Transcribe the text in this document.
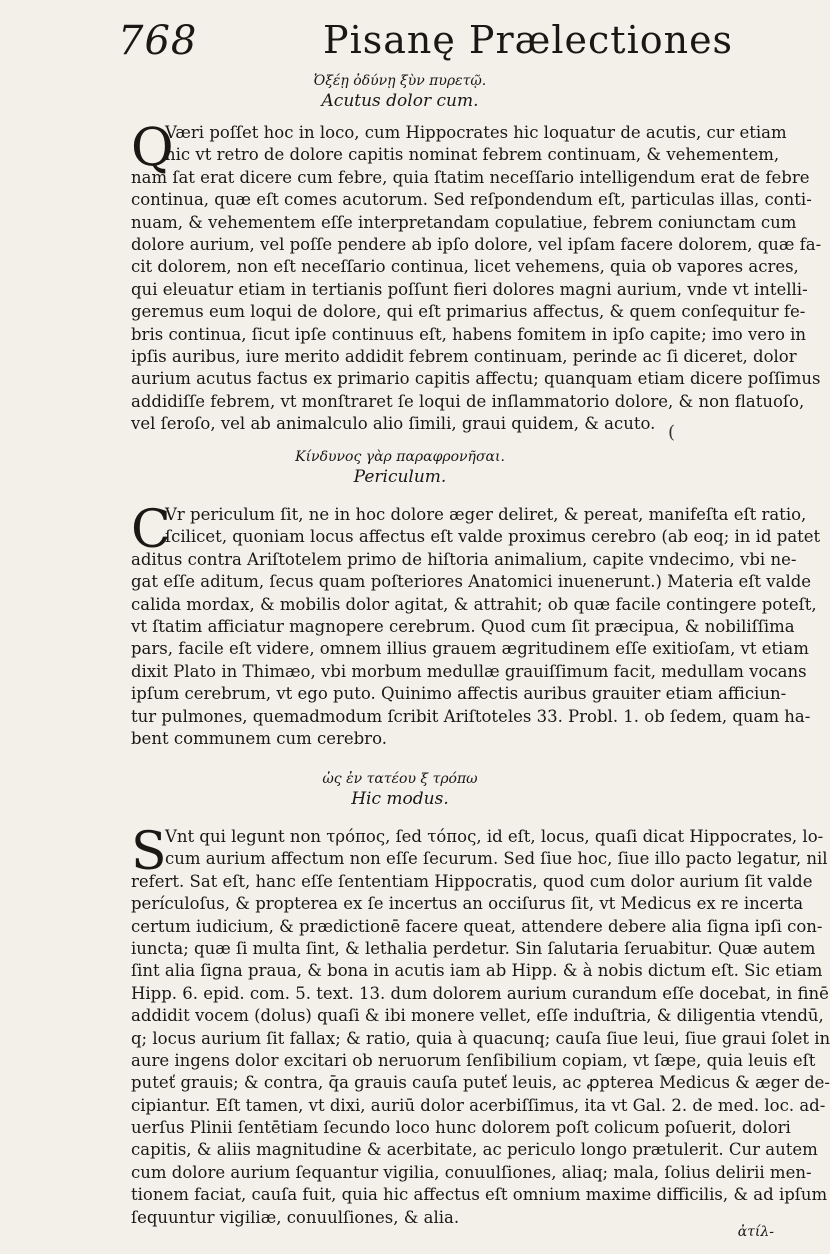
768	Pisanę Prælectiones
Ὀξέῃ ὀδύνῃ ξὺν πυρετῷ.
Acutus dolor cum.
Q
Væri poſſet hoc in loco, cum Hippocrates hic loquatur de acutis, cur etiam
hic vt retro de dolore capitis nominat febrem continuam, & vehementem,
nam ſat erat dicere cum febre, quia ſtatim neceſſario intelligendum erat de febre
continua, quæ eſt comes acutorum. Sed reſpondendum eſt, particulas illas, conti-
nuam, & vehementem eſſe interpretandam copulatiue, febrem coniunctam cum
dolore aurium, vel poſſe pendere ab ipſo dolore, vel ipſam facere dolorem, quæ fa-
cit dolorem, non eſt neceſſario continua, licet vehemens, quia ob vapores acres,
qui eleuatur etiam in tertianis poſſunt fieri dolores magni aurium, vnde vt intelli-
geremus eum loqui de dolore, qui eſt primarius affectus, & quem conſequitur fe-
bris continua, ſicut ipſe continuus eſt, habens fomitem in ipſo capite; imo vero in
ipſis auribus, iure merito addidit febrem continuam, perinde ac ſi diceret, dolor
aurium acutus factus ex primario capitis affectu; quanquam etiam dicere poſſimus
addidiſſe febrem, vt monſtraret ſe loqui de inſlammatorio dolore, & non flatuoſo,
vel ſeroſo, vel ab animalculo alio ſimili, graui quidem, & acuto.
Κίνδυνος γὰρ παραφρονῆσαι.
Periculum.
C
Vr periculum ſit, ne in hoc dolore æger deliret, & pereat, manifeſta eſt ratio,
ſcilicet, quoniam locus affectus eſt valde proximus cerebro (ab eoq; in id patet
aditus contra Ariſtotelem primo de hiſtoria animalium, capite vndecimo, vbi ne-
gat eſſe aditum, ſecus quam poſteriores Anatomici inuenerunt.) Materia eſt valde
calida mordax, & mobilis dolor agitat, & attrahit; ob quæ facile contingere poteſt,
vt ſtatim afficiatur magnopere cerebrum. Quod cum ſit præcipua, & nobiliſſima
pars, facile eſt videre, omnem illius grauem ægritudinem eſſe exitioſam, vt etiam
dixit Plato in Thimæo, vbi morbum medullæ grauiſſimum facit, medullam vocans
ipſum cerebrum, vt ego puto. Quinimo affectis auribus grauiter etiam afficiun-
tur pulmones, quemadmodum ſcribit Ariſtoteles 33. Probl. 1. ob ſedem, quam ha-
bent communem cum cerebro.
ὡς ἐν τατέου ξ τρόπω
Hic modus.
S
Vnt qui legunt non τρόπος, ſed τόπος, id eſt, locus, quaſi dicat Hippocrates, lo-
cum aurium affectum non eſſe ſecurum. Sed ſiue hoc, ſiue illo pacto legatur, nil
refert. Sat eſt, hanc eſſe ſententiam Hippocratis, quod cum dolor aurium ſit valde
perículoſus, & propterea ex ſe incertus an occiſurus ſit, vt Medicus ex re incerta
certum iudicium, & prædictionē facere queat, attendere debere alia ſigna ipſi con-
iuncta; quæ ſi multa ſint, & lethalia perdetur. Sin ſalutaria ſeruabitur. Quæ autem
ſint alia ſigna praua, & bona in acutis iam ab Hipp. & à nobis dictum eſt. Sic etiam
Hipp. 6. epid. com. 5. text. 13. dum dolorem aurium curandum eſſe docebat, in finē
addidit vocem (dolus) quaſi & ibi monere vellet, eſſe induſtria, & diligentia vtendū,
q; locus aurium ſit fallax; & ratio, quia à quacunq; cauſa ſiue leui, ſiue graui ſolet in
aure ingens dolor excitari ob neruorum ſenſibilium copiam, vt ſæpe, quia leuis eſt
puteť grauis; & contra, q̄a grauis cauſa puteť leuis, ac ꝓpterea Medicus & æger de-
cipiantur. Eſt tamen, vt dixi, auriū dolor acerbiſſimus, ita vt Gal. 2. de med. loc. ad-
uerſus Plinii ſentētiam ſecundo loco hunc dolorem poſt colicum poſuerit, dolori
capitis, & aliis magnitudine & acerbitate, ac periculo longo prætulerit. Cur autem
cum dolore aurium ſequantur vigilia, conuulſiones, aliaq; mala, ſolius delirii men-
tionem faciat, cauſa fuit, quia hic affectus eſt omnium maxime difficilis, & ad ipſum
ſequuntur vigiliæ, conuulſiones, & alia.
(
ἀτίλ-
